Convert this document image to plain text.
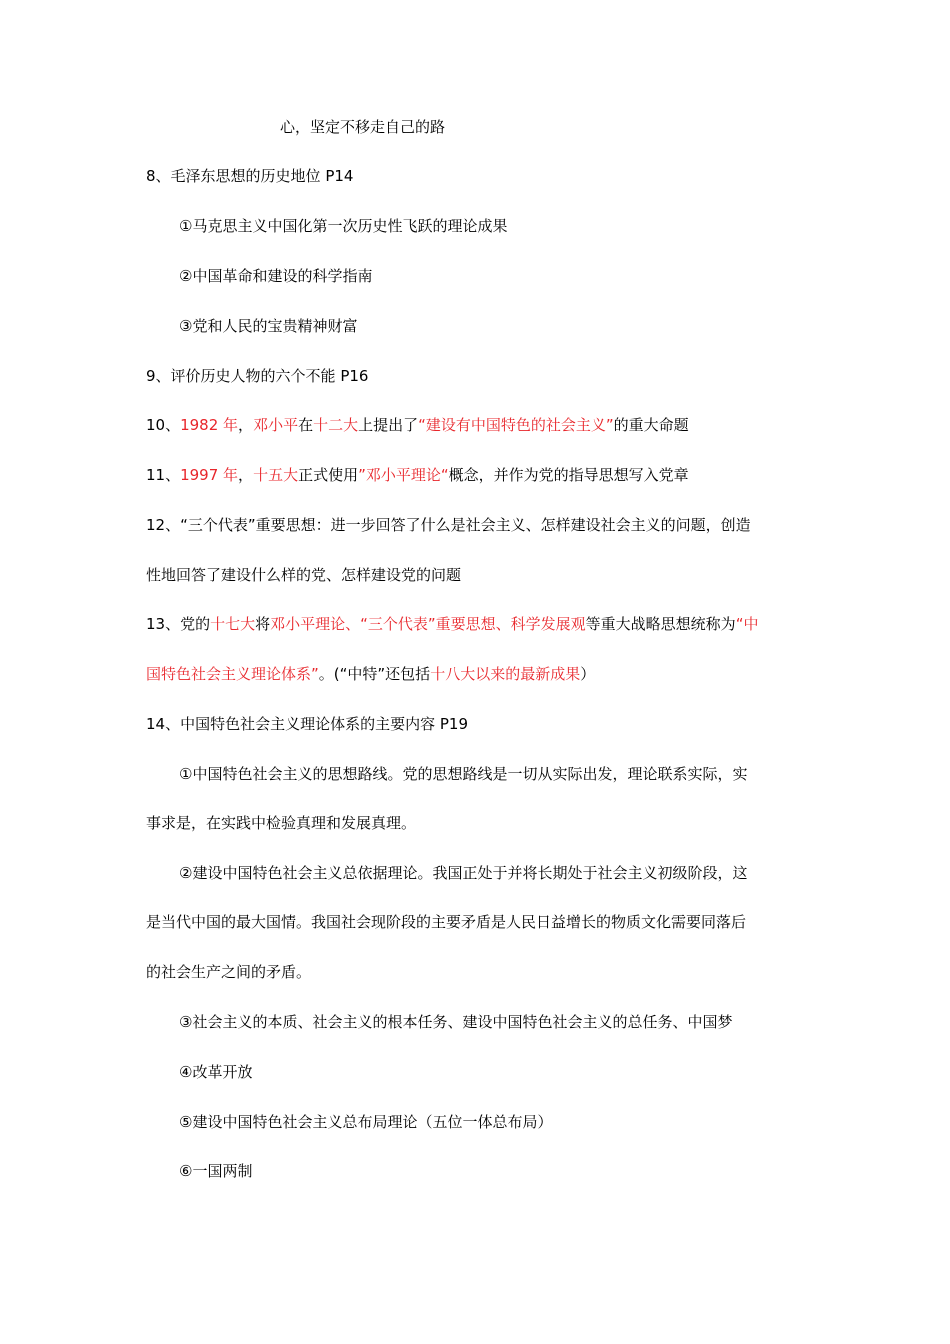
心，坚定不移走自己的路
8、毛泽东思想的历史地位 P14
①马克思主义中国化第一次历史性飞跃的理论成果
②中国革命和建设的科学指南
③党和人民的宝贵精神财富
9、评价历史人物的六个不能 P16
10、1982 年，邓小平在十二大上提出了“建设有中国特色的社会主义”的重大命题
11、1997 年，十五大正式使用”邓小平理论“概念，并作为党的指导思想写入党章
12、“三个代表”重要思想：进一步回答了什么是社会主义、怎样建设社会主义的问题，创造
性地回答了建设什么样的党、怎样建设党的问题
13、党的十七大将邓小平理论、“三个代表”重要思想、科学发展观等重大战略思想统称为“中
国特色社会主义理论体系”。(“中特”还包括十八大以来的最新成果）
14、中国特色社会主义理论体系的主要内容 P19
①中国特色社会主义的思想路线。党的思想路线是一切从实际出发，理论联系实际，实
事求是，在实践中检验真理和发展真理。
②建设中国特色社会主义总依据理论。我国正处于并将长期处于社会主义初级阶段，这
是当代中国的最大国情。我国社会现阶段的主要矛盾是人民日益增长的物质文化需要同落后
的社会生产之间的矛盾。
③社会主义的本质、社会主义的根本任务、建设中国特色社会主义的总任务、中国梦
④改革开放
⑤建设中国特色社会主义总布局理论（五位一体总布局）
⑥一国两制
